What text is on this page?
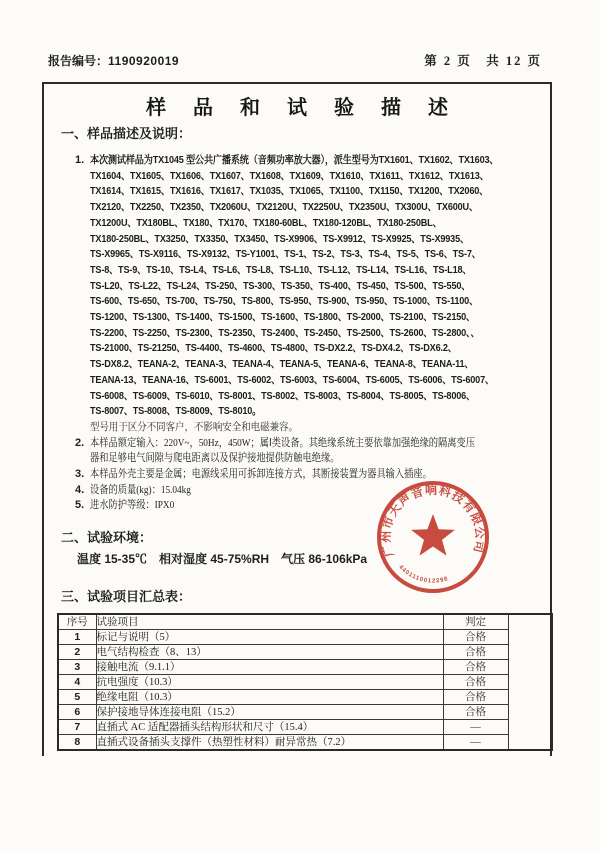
报告编号：1190920019	第 2 页　共 12 页
样 品 和 试 验 描 述
一、样品描述及说明：
1. 本次测试样品为TX1045 型公共广播系统（音频功率放大器），派生型号为TX1601、TX1602、TX1603、
TX1604、TX1605、TX1606、TX1607、TX1608、TX1609、TX1610、TX1611、TX1612、TX1613、
TX1614、TX1615、TX1616、TX1617、TX1035、TX1065、TX1100、TX1150、TX1200、TX2060、
TX2120、TX2250、TX2350、TX2060U、TX2120U、TX2250U、TX2350U、TX300U、TX600U、
TX1200U、TX180BL、TX180、TX170、TX180-60BL、TX180-120BL、TX180-250BL、
TX180-250BL、TX3250、TX3350、TX3450、TS-X9906、TS-X9912、TS-X9925、TS-X9935、
TS-X9965、TS-X9116、TS-X9132、TS-Y1001、TS-1、TS-2、TS-3、TS-4、TS-5、TS-6、TS-7、
TS-8、TS-9、TS-10、TS-L4、TS-L6、TS-L8、TS-L10、TS-L12、TS-L14、TS-L16、TS-L18、
TS-L20、TS-L22、TS-L24、TS-250、TS-300、TS-350、TS-400、TS-450、TS-500、TS-550、
TS-600、TS-650、TS-700、TS-750、TS-800、TS-950、TS-900、TS-950、TS-1000、TS-1100、
TS-1200、TS-1300、TS-1400、TS-1500、TS-1600、TS-1800、TS-2000、TS-2100、TS-2150、
TS-2200、TS-2250、TS-2300、TS-2350、TS-2400、TS-2450、TS-2500、TS-2600、TS-2800、、
TS-21000、TS-21250、TS-4400、TS-4600、TS-4800、TS-DX2.2、TS-DX4.2、TS-DX6.2、
TS-DX8.2、TEANA-2、TEANA-3、TEANA-4、TEANA-5、TEANA-6、TEANA-8、TEANA-11、
TEANA-13、TEANA-16、TS-6001、TS-6002、TS-6003、TS-6004、TS-6005、TS-6006、TS-6007、
TS-6008、TS-6009、TS-6010、TS-8001、TS-8002、TS-8003、TS-8004、TS-8005、TS-8006、
TS-8007、TS-8008、TS-8009、TS-8010。
型号用于区分不同客户，不影响安全和电磁兼容。
2. 本样品额定输入：220V~，50Hz，450W；属Ⅰ类设备。其绝缘系统主要依靠加强绝缘的隔离变压
器和足够电气间隙与爬电距离以及保护接地提供防触电绝缘。
3. 本样品外壳主要是金属；电源线采用可拆卸连接方式，其断接装置为器具输入插座。
4. 设备的质量(kg)：15.04kg
5. 进水防护等级：IPX0
二、试验环境：
温度 15-35℃　相对湿度 45-75%RH　气压 86-106kPa
三、试验项目汇总表：
序号	试验项目	判定	
1	标记与说明（5）	合格	
2	电气结构检查（8、13）	合格	
3	接触电流（9.1.1）	合格	
4	抗电强度（10.3）	合格	
5	绝缘电阻（10.3）	合格	
6	保护接地导体连接电阻（15.2）	合格	
7	直插式 AC 适配器插头结构形状和尺寸（15.4）	—	
8	直插式设备插头支撑件（热塑性材料）耐异常热（7.2）	—	
广州市天声音响科技有限公司
4401110012298
